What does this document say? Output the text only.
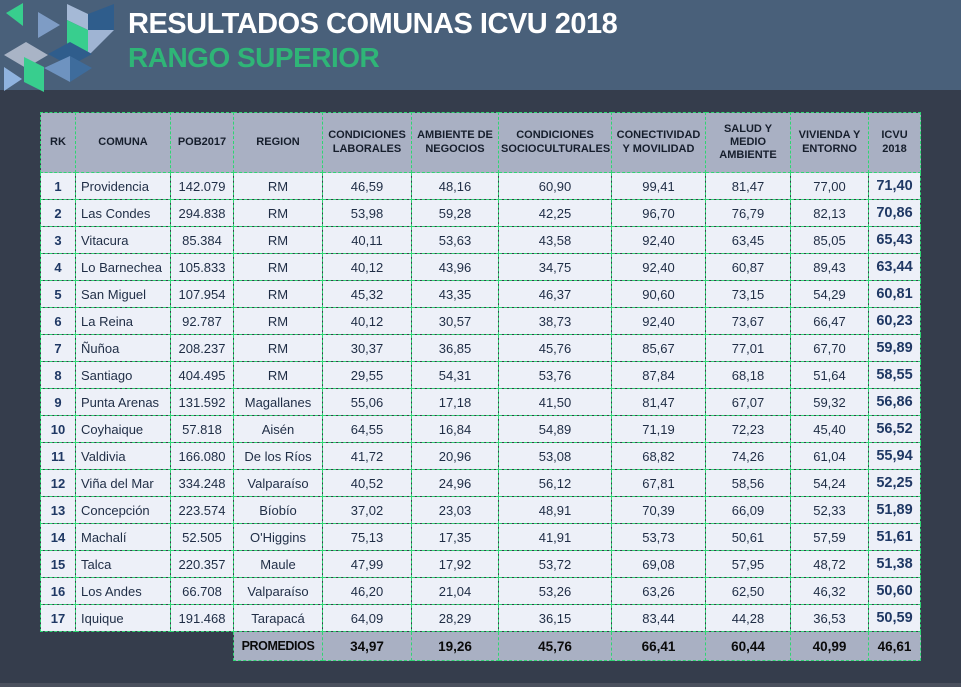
RESULTADOS COMUNAS ICVU 2018
RANGO SUPERIOR
RK	COMUNA	POB2017	REGION	CONDICIONES LABORALES	AMBIENTE DE NEGOCIOS	CONDICIONES SOCIOCULTURALES	CONECTIVIDAD Y MOVILIDAD	SALUD Y MEDIO AMBIENTE	VIVIENDA Y ENTORNO	ICVU 2018
1	Providencia	142.079	RM	46,59	48,16	60,90	99,41	81,47	77,00	71,40
2	Las Condes	294.838	RM	53,98	59,28	42,25	96,70	76,79	82,13	70,86
3	Vitacura	85.384	RM	40,11	53,63	43,58	92,40	63,45	85,05	65,43
4	Lo Barnechea	105.833	RM	40,12	43,96	34,75	92,40	60,87	89,43	63,44
5	San Miguel	107.954	RM	45,32	43,35	46,37	90,60	73,15	54,29	60,81
6	La Reina	92.787	RM	40,12	30,57	38,73	92,40	73,67	66,47	60,23
7	Ñuñoa	208.237	RM	30,37	36,85	45,76	85,67	77,01	67,70	59,89
8	Santiago	404.495	RM	29,55	54,31	53,76	87,84	68,18	51,64	58,55
9	Punta Arenas	131.592	Magallanes	55,06	17,18	41,50	81,47	67,07	59,32	56,86
10	Coyhaique	57.818	Aisén	64,55	16,84	54,89	71,19	72,23	45,40	56,52
11	Valdivia	166.080	De los Ríos	41,72	20,96	53,08	68,82	74,26	61,04	55,94
12	Viña del Mar	334.248	Valparaíso	40,52	24,96	56,12	67,81	58,56	54,24	52,25
13	Concepción	223.574	Bíobío	37,02	23,03	48,91	70,39	66,09	52,33	51,89
14	Machalí	52.505	O'Higgins	75,13	17,35	41,91	53,73	50,61	57,59	51,61
15	Talca	220.357	Maule	47,99	17,92	53,72	69,08	57,95	48,72	51,38
16	Los Andes	66.708	Valparaíso	46,20	21,04	53,26	63,26	62,50	46,32	50,60
17	Iquique	191.468	Tarapacá	64,09	28,29	36,15	83,44	44,28	36,53	50,59
			PROMEDIOS	34,97	19,26	45,76	66,41	60,44	40,99	46,61
